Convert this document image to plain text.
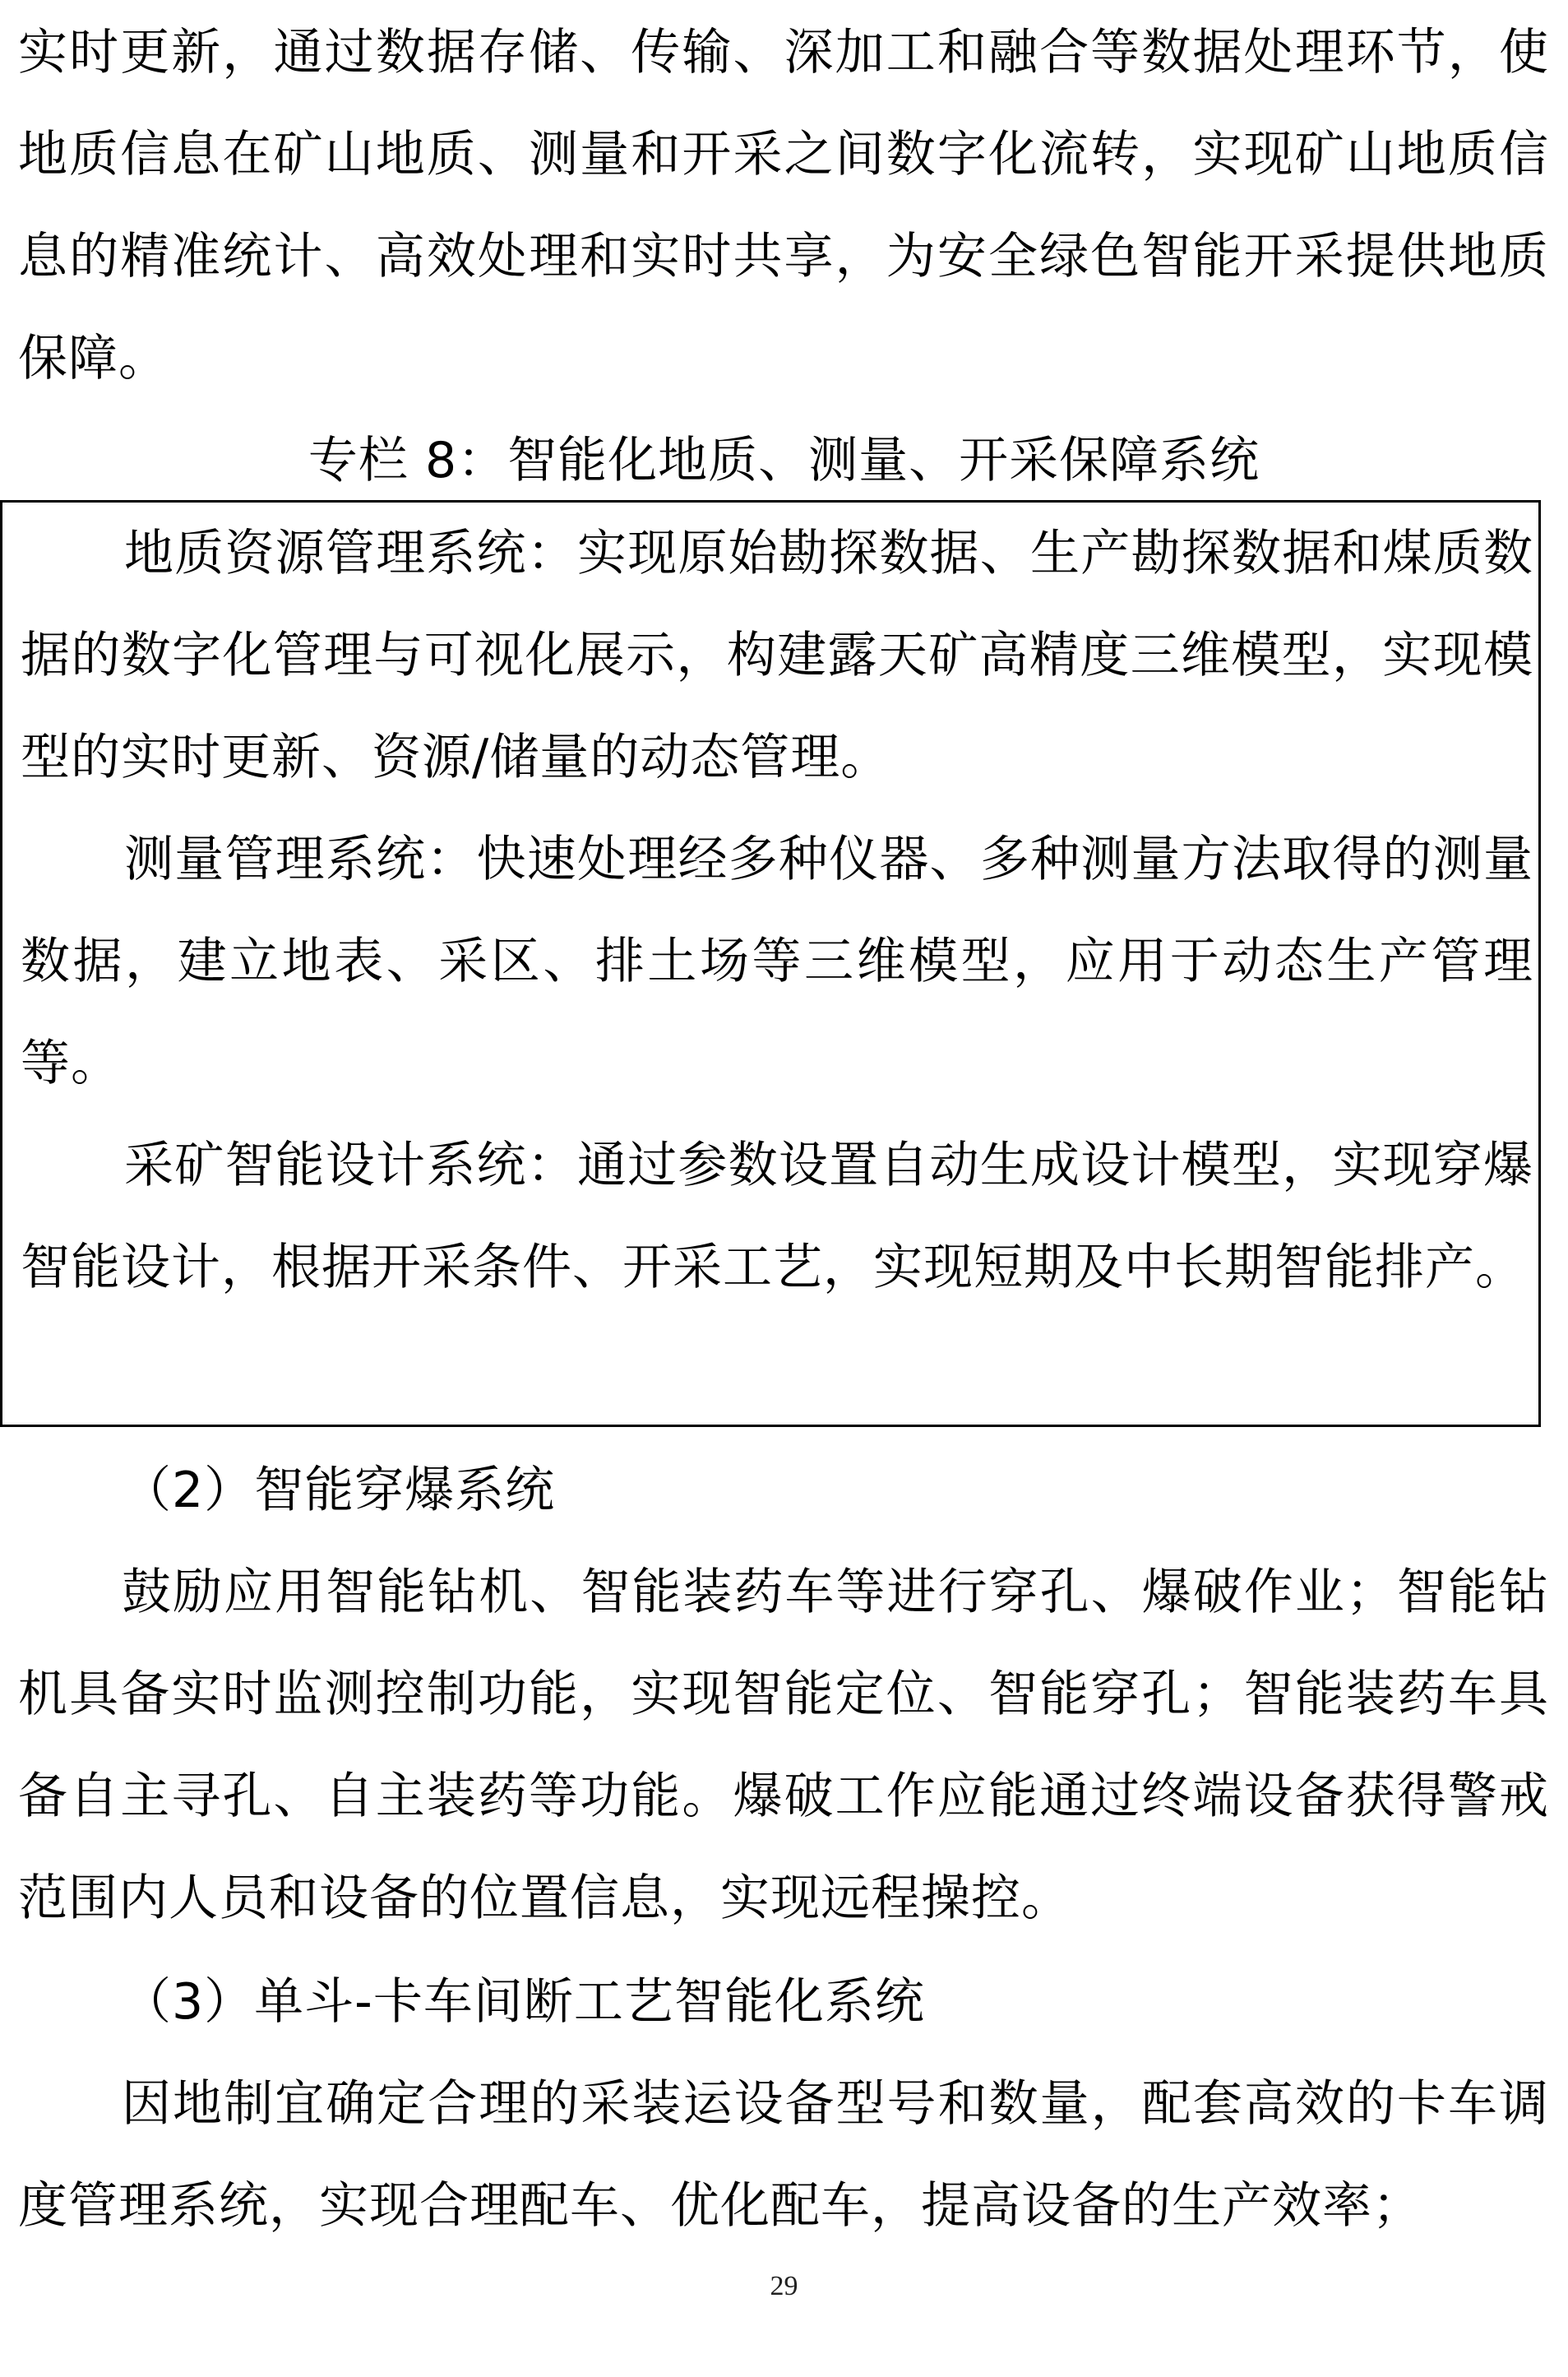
实时更新，通过数据存储、传输、深加工和融合等数据处理环节，使地质信息在矿山地质、测量和开采之间数字化流转，实现矿山地质信息的精准统计、高效处理和实时共享，为安全绿色智能开采提供地质保障。

专栏 8：智能化地质、测量、开采保障系统

地质资源管理系统：实现原始勘探数据、生产勘探数据和煤质数据的数字化管理与可视化展示，构建露天矿高精度三维模型，实现模型的实时更新、资源/储量的动态管理。

测量管理系统：快速处理经多种仪器、多种测量方法取得的测量数据，建立地表、采区、排土场等三维模型，应用于动态生产管理等。

采矿智能设计系统：通过参数设置自动生成设计模型，实现穿爆智能设计，根据开采条件、开采工艺，实现短期及中长期智能排产。

（2）智能穿爆系统

鼓励应用智能钻机、智能装药车等进行穿孔、爆破作业；智能钻机具备实时监测控制功能，实现智能定位、智能穿孔；智能装药车具备自主寻孔、自主装药等功能。爆破工作应能通过终端设备获得警戒范围内人员和设备的位置信息，实现远程操控。

（3）单斗-卡车间断工艺智能化系统

因地制宜确定合理的采装运设备型号和数量，配套高效的卡车调度管理系统，实现合理配车、优化配车，提高设备的生产效率；

29
